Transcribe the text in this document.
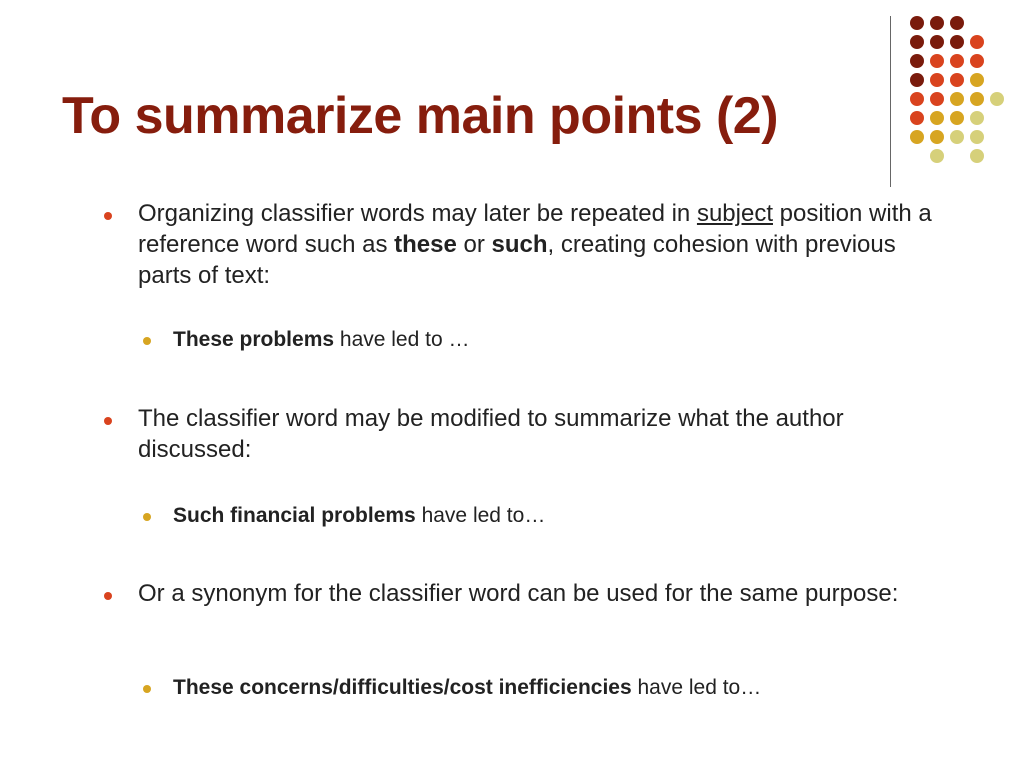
To summarize main points (2)
Organizing classifier words may later be repeated in subject position with a reference word such as these or such, creating cohesion with previous parts of text:
These problems have led to …
The classifier word may be modified to summarize what the author discussed:
Such financial problems have led to…
Or a synonym for the classifier word can be used for the same purpose:
These concerns/difficulties/cost inefficiencies have led to…
